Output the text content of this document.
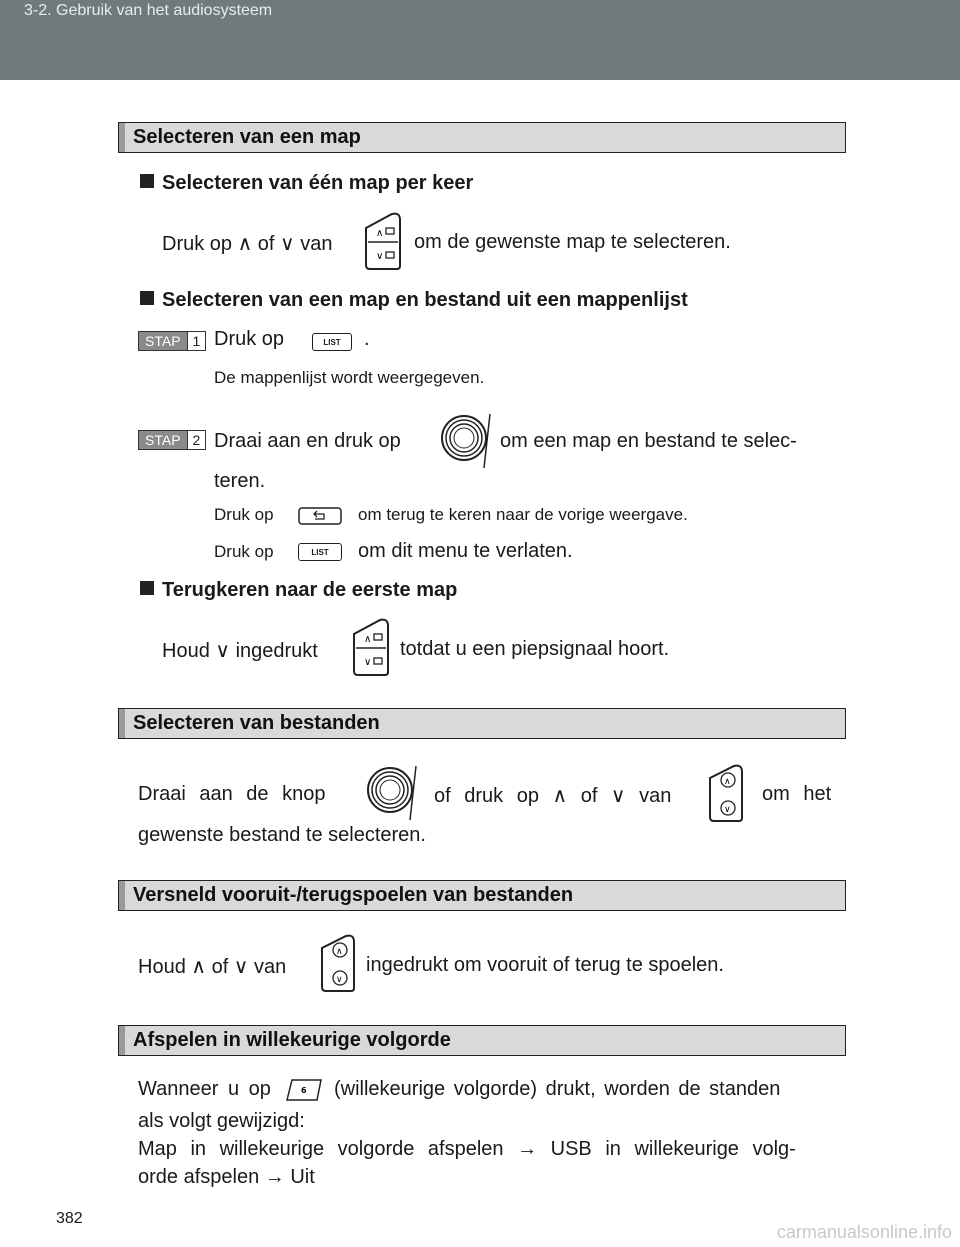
3-2. Gebruik van het audiosysteem
Selecteren van een map
Selecteren van één map per keer
Druk op ∧ of ∨ van	∧
∨
om de gewenste map te selecteren.
Selecteren van een map en bestand uit een mappenlijst
STAP 1 Druk op	LIST	.
De mappenlijst wordt weergegeven.
STAP 2 Draai aan en druk op	om een map en bestand te selec-
teren.
Druk op	om terug te keren naar de vorige weergave.
Druk op	LIST	om dit menu te verlaten.
Terugkeren naar de eerste map
Houd ∨ ingedrukt
∧
∨
totdat u een piepsignaal hoort.
Selecteren van bestanden
Draai aan de knop	of druk op ∧ of ∨ van
∧
∨
om het
gewenste bestand te selecteren.
Versneld vooruit-/terugspoelen van bestanden
Houd ∧ of ∨ van
∧
∨
ingedrukt om vooruit of terug te spoelen.
Afspelen in willekeurige volgorde
Wanneer u op	6 (willekeurige volgorde) drukt, worden de standen
als volgt gewijzigd:
Map in willekeurige volgorde afspelen → USB in willekeurige volg-
orde afspelen → Uit
382
carmanualsonline.info
